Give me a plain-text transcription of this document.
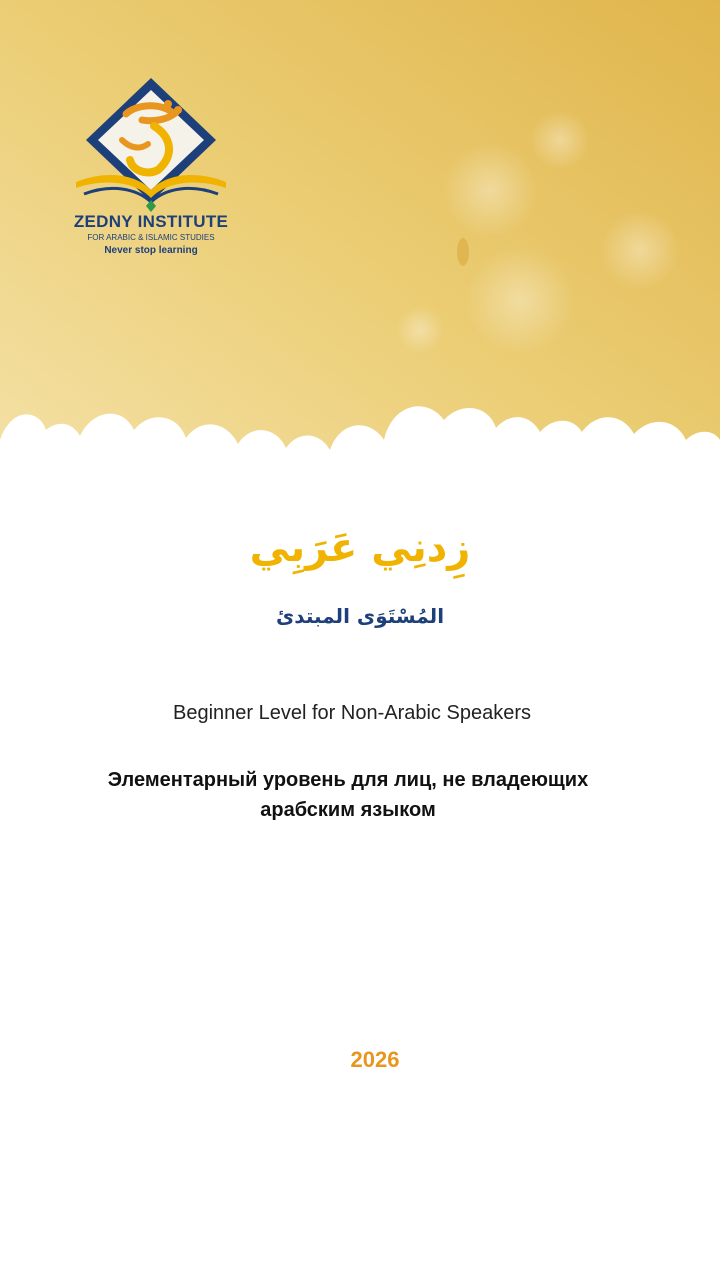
ZEDNY INSTITUTE
FOR ARABIC & ISLAMIC STUDIES
Never stop learning
زِدنِي عَرَبِي
المُسْتَوَى المبتدئ
Beginner Level for Non-Arabic Speakers
Элементарный уровень для лиц, не владеющих арабским языком
2026
